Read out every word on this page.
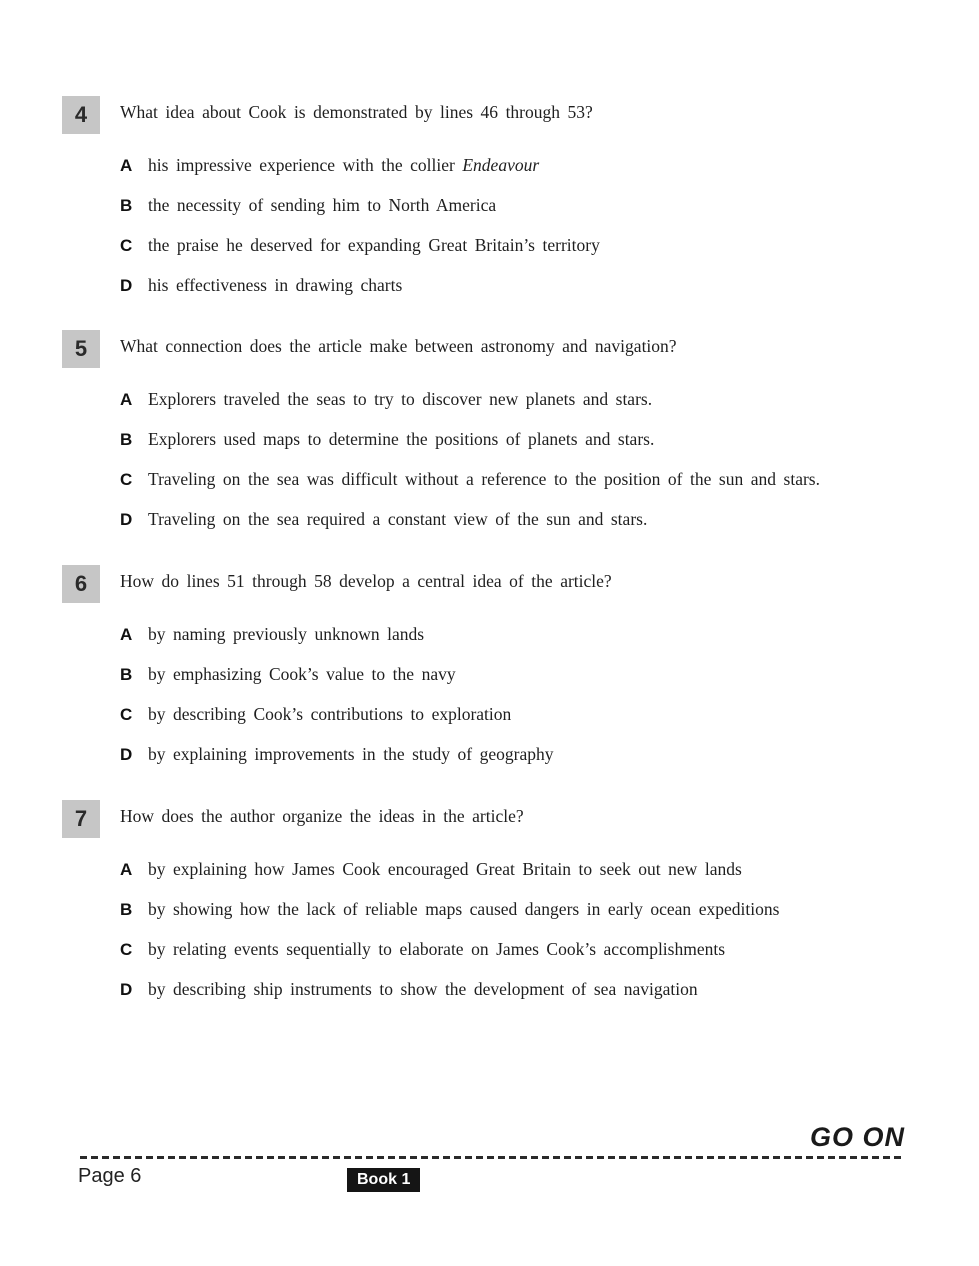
4 What idea about Cook is demonstrated by lines 46 through 53?

A his impressive experience with the collier Endeavour
B the necessity of sending him to North America
C the praise he deserved for expanding Great Britain’s territory
D his effectiveness in drawing charts
5 What connection does the article make between astronomy and navigation?

A Explorers traveled the seas to try to discover new planets and stars.
B Explorers used maps to determine the positions of planets and stars.
C Traveling on the sea was difficult without a reference to the position of the sun and stars.
D Traveling on the sea required a constant view of the sun and stars.
6 How do lines 51 through 58 develop a central idea of the article?

A by naming previously unknown lands
B by emphasizing Cook’s value to the navy
C by describing Cook’s contributions to exploration
D by explaining improvements in the study of geography
7 How does the author organize the ideas in the article?

A by explaining how James Cook encouraged Great Britain to seek out new lands
B by showing how the lack of reliable maps caused dangers in early ocean expeditions
C by relating events sequentially to elaborate on James Cook’s accomplishments
D by describing ship instruments to show the development of sea navigation
GO ON
Page 6	Book 1
